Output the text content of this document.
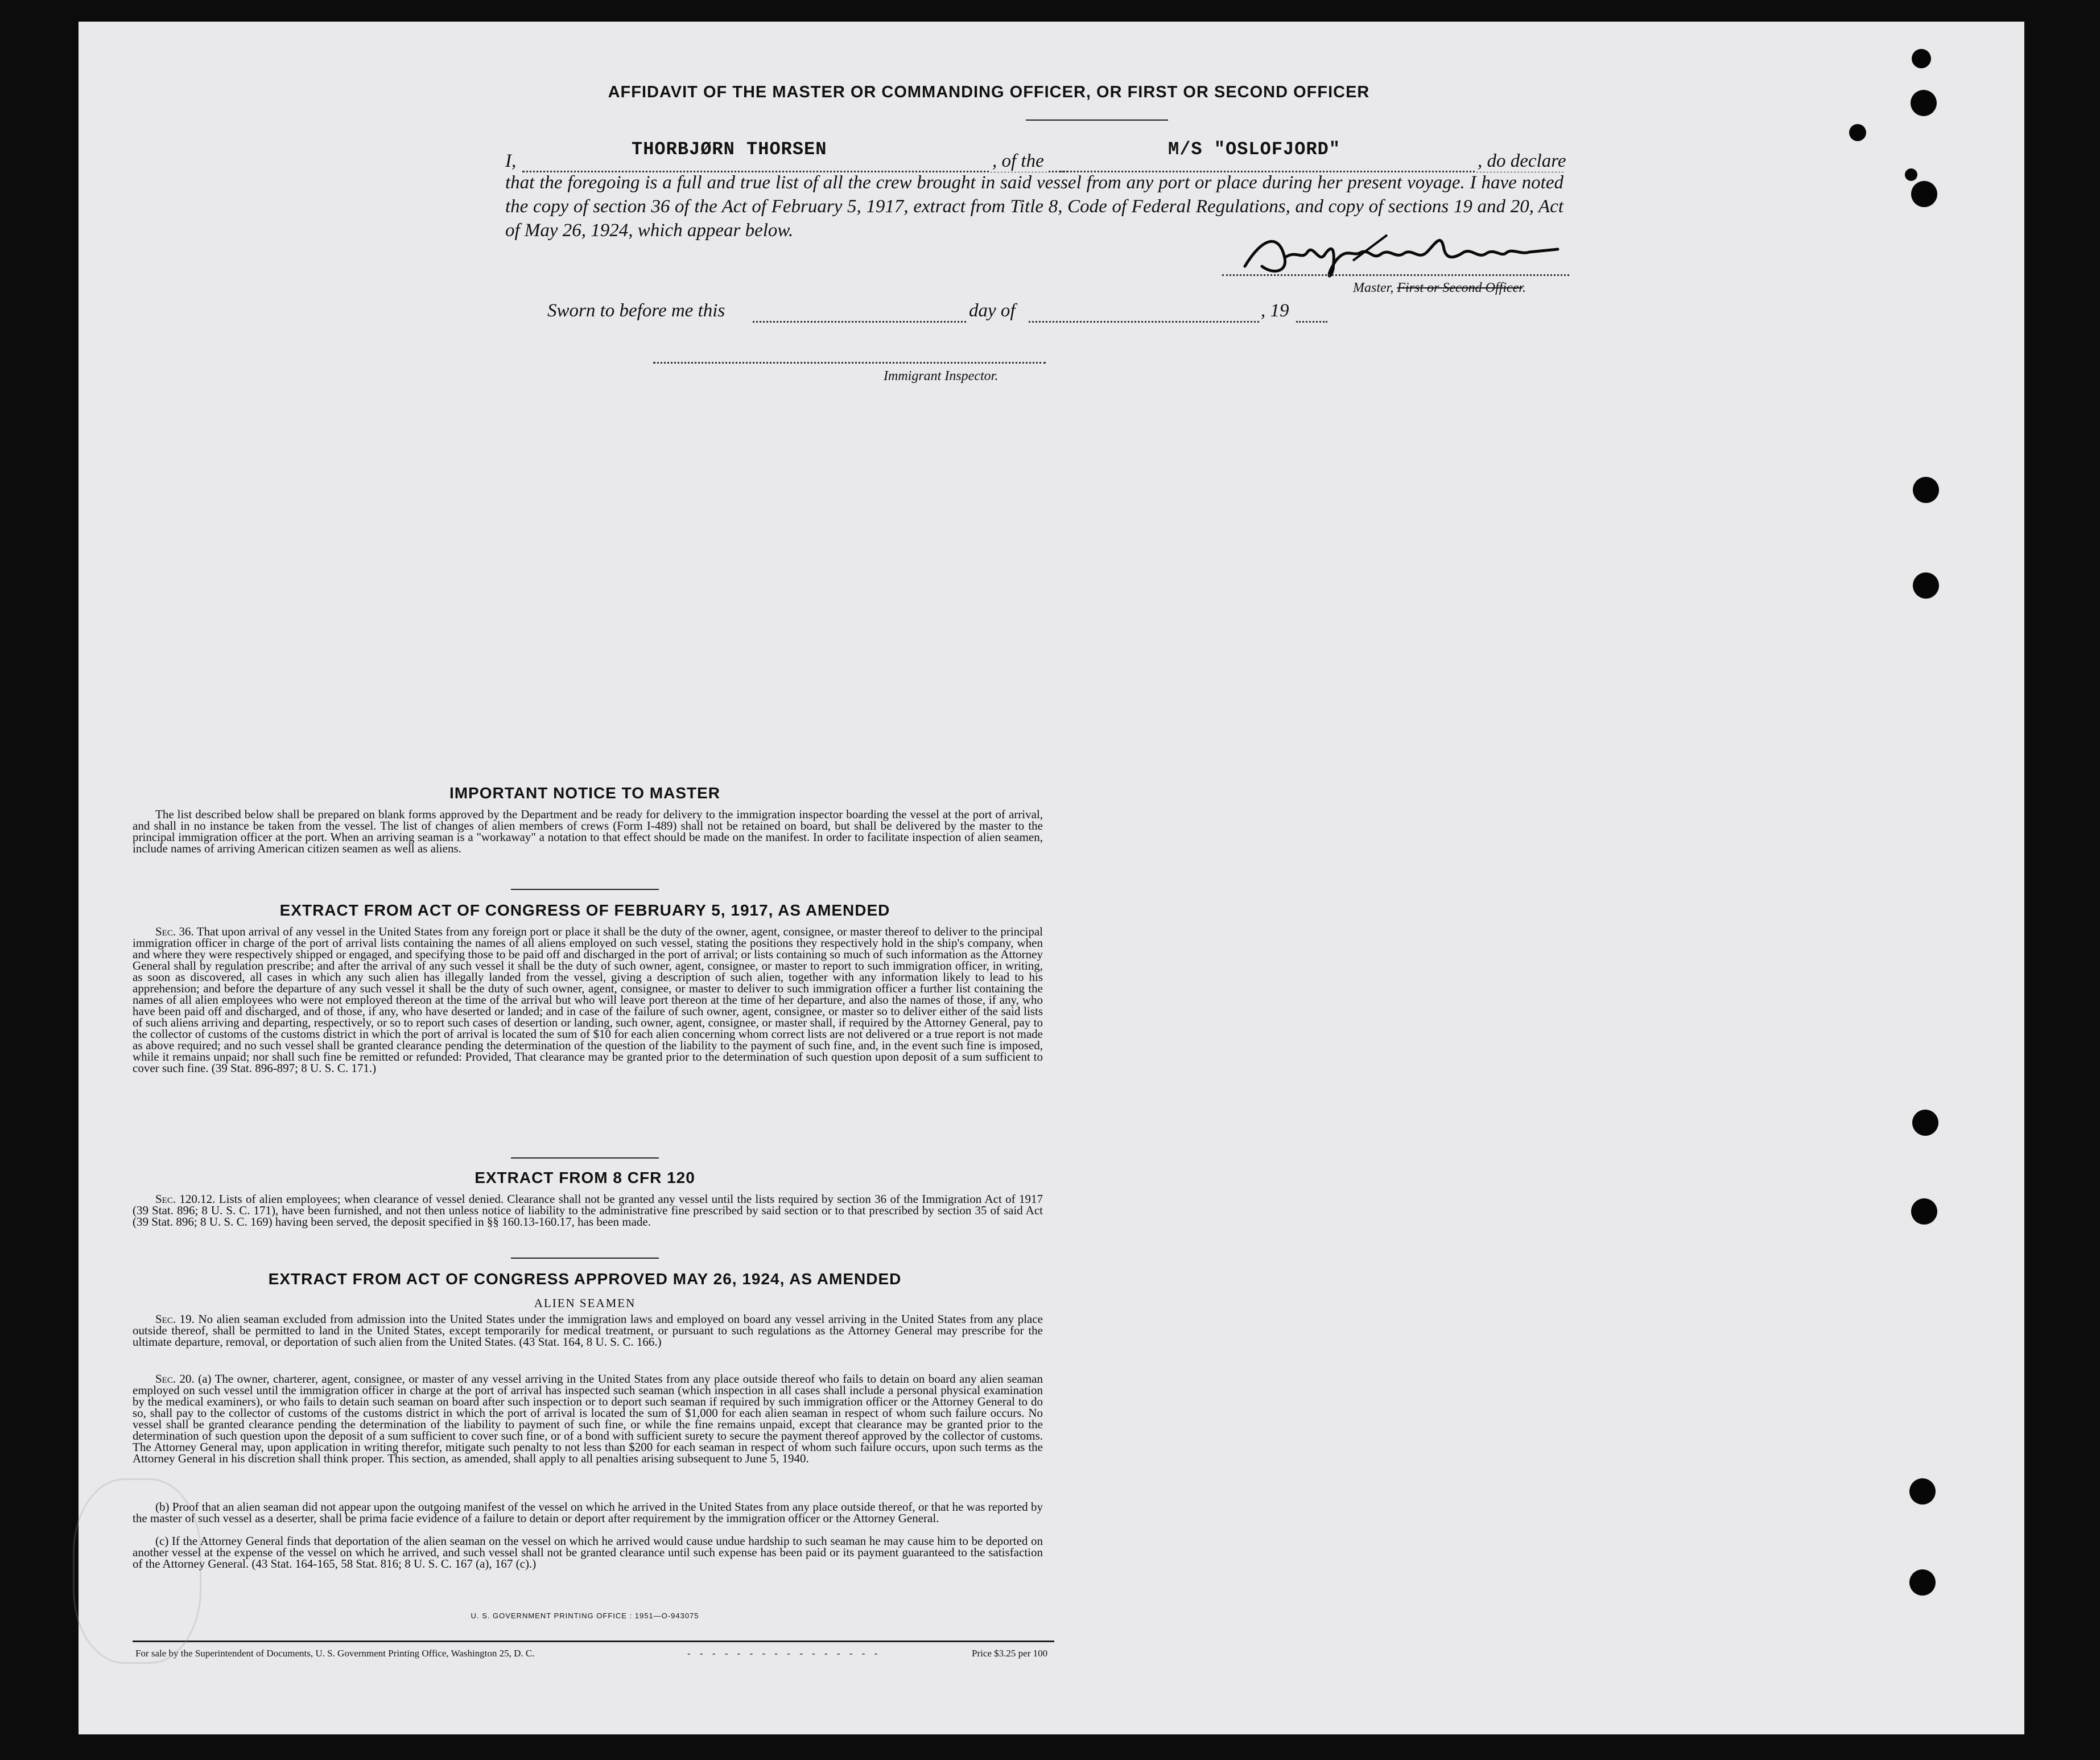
AFFIDAVIT OF THE MASTER OR COMMANDING OFFICER, OR FIRST OR SECOND OFFICER
I,
THORBJØRN THORSEN
, of the
M/S "OSLOFJORD"
, do declare
that the foregoing is a full and true list of all the crew brought in said vessel from any port or place during her present voyage. I have noted the copy of section 36 of the Act of February 5, 1917, extract from Title 8, Code of Federal Regulations, and copy of sections 19 and 20, Act of May 26, 1924, which appear below.
Master, First or Second Officer.
Sworn to before me this	day of	, 19
Immigrant Inspector.
IMPORTANT NOTICE TO MASTER
The list described below shall be prepared on blank forms approved by the Department and be ready for delivery to the immigration inspector boarding the vessel at the port of arrival, and shall in no instance be taken from the vessel. The list of changes of alien members of crews (Form I-489) shall not be retained on board, but shall be delivered by the master to the principal immigration officer at the port. When an arriving seaman is a "workaway" a notation to that effect should be made on the manifest. In order to facilitate inspection of alien seamen, include names of arriving American citizen seamen as well as aliens.
EXTRACT FROM ACT OF CONGRESS OF FEBRUARY 5, 1917, AS AMENDED
Sec. 36. That upon arrival of any vessel in the United States from any foreign port or place it shall be the duty of the owner, agent, consignee, or master thereof to deliver to the principal immigration officer in charge of the port of arrival lists containing the names of all aliens employed on such vessel, stating the positions they respectively hold in the ship's company, when and where they were respectively shipped or engaged, and specifying those to be paid off and discharged in the port of arrival; or lists containing so much of such information as the Attorney General shall by regulation prescribe; and after the arrival of any such vessel it shall be the duty of such owner, agent, consignee, or master to report to such immigration officer, in writing, as soon as discovered, all cases in which any such alien has illegally landed from the vessel, giving a description of such alien, together with any information likely to lead to his apprehension; and before the departure of any such vessel it shall be the duty of such owner, agent, consignee, or master to deliver to such immigration officer a further list containing the names of all alien employees who were not employed thereon at the time of the arrival but who will leave port thereon at the time of her departure, and also the names of those, if any, who have been paid off and discharged, and of those, if any, who have deserted or landed; and in case of the failure of such owner, agent, consignee, or master so to deliver either of the said lists of such aliens arriving and departing, respectively, or so to report such cases of desertion or landing, such owner, agent, consignee, or master shall, if required by the Attorney General, pay to the collector of customs of the customs district in which the port of arrival is located the sum of $10 for each alien concerning whom correct lists are not delivered or a true report is not made as above required; and no such vessel shall be granted clearance pending the determination of the question of the liability to the payment of such fine, and, in the event such fine is imposed, while it remains unpaid; nor shall such fine be remitted or refunded: Provided, That clearance may be granted prior to the determination of such question upon deposit of a sum sufficient to cover such fine. (39 Stat. 896-897; 8 U. S. C. 171.)
EXTRACT FROM 8 CFR 120
Sec. 120.12. Lists of alien employees; when clearance of vessel denied. Clearance shall not be granted any vessel until the lists required by section 36 of the Immigration Act of 1917 (39 Stat. 896; 8 U. S. C. 171), have been furnished, and not then unless notice of liability to the administrative fine prescribed by said section or to that prescribed by section 35 of said Act (39 Stat. 896; 8 U. S. C. 169) having been served, the deposit specified in §§ 160.13-160.17, has been made.
EXTRACT FROM ACT OF CONGRESS APPROVED MAY 26, 1924, AS AMENDED
ALIEN SEAMEN
Sec. 19. No alien seaman excluded from admission into the United States under the immigration laws and employed on board any vessel arriving in the United States from any place outside thereof, shall be permitted to land in the United States, except temporarily for medical treatment, or pursuant to such regulations as the Attorney General may prescribe for the ultimate departure, removal, or deportation of such alien from the United States. (43 Stat. 164, 8 U. S. C. 166.)
Sec. 20. (a) The owner, charterer, agent, consignee, or master of any vessel arriving in the United States from any place outside thereof who fails to detain on board any alien seaman employed on such vessel until the immigration officer in charge at the port of arrival has inspected such seaman (which inspection in all cases shall include a personal physical examination by the medical examiners), or who fails to detain such seaman on board after such inspection or to deport such seaman if required by such immigration officer or the Attorney General to do so, shall pay to the collector of customs of the customs district in which the port of arrival is located the sum of $1,000 for each alien seaman in respect of whom such failure occurs. No vessel shall be granted clearance pending the determination of the liability to payment of such fine, or while the fine remains unpaid, except that clearance may be granted prior to the determination of such question upon the deposit of a sum sufficient to cover such fine, or of a bond with sufficient surety to secure the payment thereof approved by the collector of customs. The Attorney General may, upon application in writing therefor, mitigate such penalty to not less than $200 for each seaman in respect of whom such failure occurs, upon such terms as the Attorney General in his discretion shall think proper. This section, as amended, shall apply to all penalties arising subsequent to June 5, 1940.
(b) Proof that an alien seaman did not appear upon the outgoing manifest of the vessel on which he arrived in the United States from any place outside thereof, or that he was reported by the master of such vessel as a deserter, shall be prima facie evidence of a failure to detain or deport after requirement by the immigration officer or the Attorney General.
(c) If the Attorney General finds that deportation of the alien seaman on the vessel on which he arrived would cause undue hardship to such seaman he may cause him to be deported on another vessel at the expense of the vessel on which he arrived, and such vessel shall not be granted clearance until such expense has been paid or its payment guaranteed to the satisfaction of the Attorney General. (43 Stat. 164-165, 58 Stat. 816; 8 U. S. C. 167 (a), 167 (c).)
U. S. GOVERNMENT PRINTING OFFICE : 1951—O-943075
For sale by the Superintendent of Documents, U. S. Government Printing Office, Washington 25, D. C.	- - - - - - - - - - - - - - - -	Price $3.25 per 100
